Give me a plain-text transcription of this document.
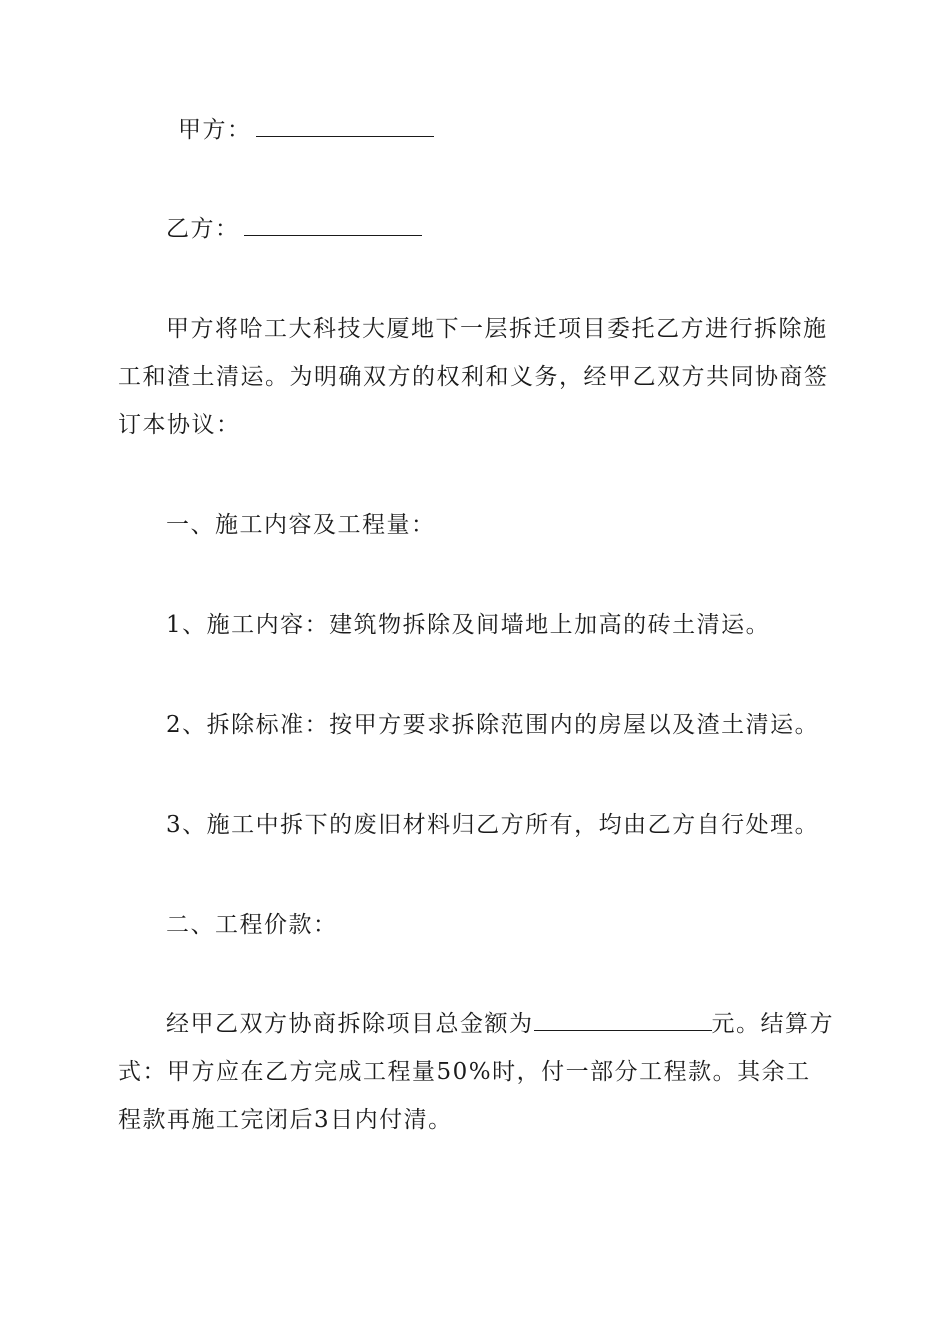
甲方：
乙方：
甲方将哈工大科技大厦地下一层拆迁项目委托乙方进行拆除施工和渣土清运。为明确双方的权利和义务，经甲乙双方共同协商签订本协议：
一、施工内容及工程量：
1、施工内容：建筑物拆除及间墙地上加高的砖土清运。
2、拆除标准：按甲方要求拆除范围内的房屋以及渣土清运。
3、施工中拆下的废旧材料归乙方所有，均由乙方自行处理。
二、工程价款：
经甲乙双方协商拆除项目总金额为	元。结算方式：甲方应在乙方完成工程量50%时，付一部分工程款。其余工程款再施工完闭后3日内付清。
